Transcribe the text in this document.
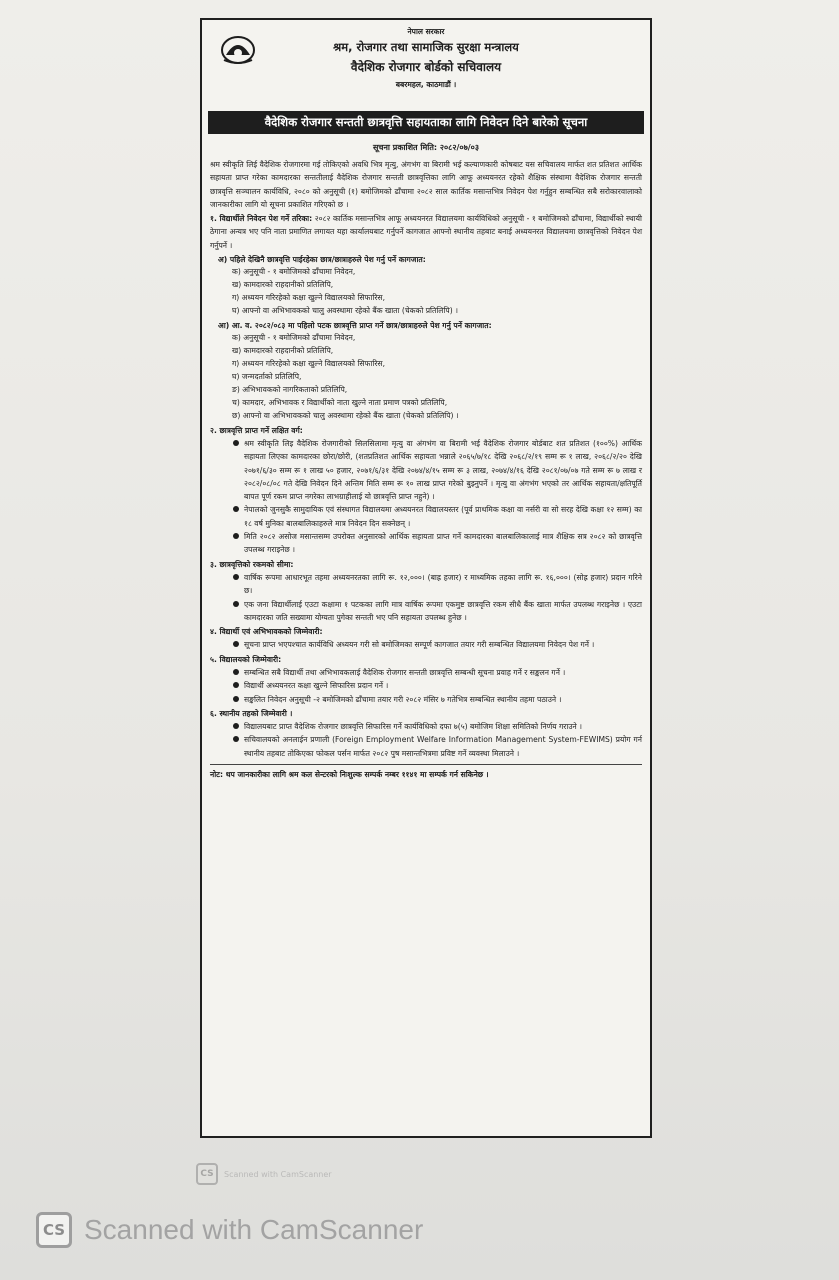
नेपाल सरकार
श्रम, रोजगार तथा सामाजिक सुरक्षा मन्त्रालय
वैदेशिक रोजगार बोर्डको सचिवालय
बबरमहल, काठमाडौं ।
वैदेशिक रोजगार सन्तती छात्रवृत्ति सहायताका लागि निवेदन दिने बारेको सूचना
सूचना प्रकाशित मिति: २०८२/०७/०३

श्रम स्वीकृति लिई वैदेशिक रोजगारमा गई तोकिएको अवधि भित्र मृत्यु, अंगभंग वा बिरामी भई कल्याणकारी कोषबाट यस सचिवालय मार्फत शत प्रतिशत आर्थिक सहायता प्राप्त गरेका कामदारका सन्ततीलाई वैदेशिक रोजगार सन्तती छात्रवृत्तिका लागि आफू अध्ययनरत रहेको शैक्षिक संस्थामा वैदेशिक रोजगार सन्तती छात्रवृत्ति सञ्चालन कार्यविधि, २०८० को अनुसूची (१) बमोजिमको ढाँचामा २०८२ साल कार्तिक मसान्तभित्र निवेदन पेश गर्नुहुन सम्बन्धित सबै सरोकारवालाको जानकारीका लागि यो सूचना प्रकाशित गरिएको छ ।

१. विद्यार्थीले निवेदन पेश गर्ने तरिका: २०८२ कार्तिक मसान्तभित्र आफू अध्ययनरत विद्यालयमा कार्यविधिको अनुसूची - १ बमोजिमको ढाँचामा, विद्यार्थीको स्थायी ठेगाना अन्यत्र भए पनि नाता प्रमाणित लगायत यहा कार्यालयबाट गर्नुपर्ने कागजात आफ्नो स्थानीय तहबाट बनाई अध्ययनरत विद्यालयमा छात्रवृत्तिको निवेदन पेश गर्नुपर्ने ।
अ) पहिले देखिनै छात्रवृत्ति पाईरहेका छात्र/छात्राहरुले पेश गर्नु पर्ने कागजात:
क) अनुसूची - १ बमोजिमको ढाँचामा निवेदन,
ख) कामदारको राहदानीको प्रतिलिपि,
ग) अध्ययन गरिरहेको कक्षा खुल्ने विद्यालयको सिफारिस,
घ) आफ्नो वा अभिभावकको चालु अवस्थामा रहेको बैंक खाता (चेकको प्रतिलिपि) ।
आ) आ. व. २०८२/०८३ मा पहिलो पटक छात्रवृत्ति प्राप्त गर्ने छात्र/छात्राहरुले पेश गर्नु पर्ने कागजात:
क) अनुसूची - १ बमोजिमको ढाँचामा निवेदन,
ख) कामदारको राहदानीको प्रतिलिपि,
ग) अध्ययन गरिरहेको कक्षा खुल्ने विद्यालयको सिफारिस,
घ) जन्मदर्ताको प्रतिलिपि,
ङ) अभिभावकको नागरिकताको प्रतिलिपि,
च) कामदार, अभिभावक र विद्यार्थीको नाता खुल्ने नाता प्रमाण पत्रको प्रतिलिपि,
छ) आफ्नो वा अभिभावकको चालु अवस्थामा रहेको बैंक खाता (चेकको प्रतिलिपि) ।
२. छात्रवृत्ति प्राप्त गर्ने लक्षित वर्ग:
श्रम स्वीकृति लिइ वैदेशिक रोजगारीको सिलसिलामा मृत्यु वा अंगभंग वा बिरामी भई वैदेशिक रोजगार बोर्डबाट शत प्रतिशत (१००%) आर्थिक सहायता लिएका कामदारका छोरा/छोरी, (शतप्रतिशत आर्थिक सहायता भन्नाले २०६५/७/१८ देखि २०६८/२/१९ सम्म रू १ लाख, २०६८/२/२० देखि २०७१/६/३० सम्म रू १ लाख ५० हजार, २०७१/६/३१ देखि २०७४/४/१५ सम्म रू ३ लाख, २०७४/४/१६ देखि २०८१/०७/०७ गते सम्म रू ७ लाख र २०८२/०८/०८ गते देखि निवेदन दिने अन्तिम मिति सम्म रू १० लाख प्राप्त गरेको बुझ्नुपर्ने । मृत्यु वा अंगभंग भएको तर आर्थिक सहायता/क्षतिपूर्ति बापत पूर्ण रकम प्राप्त नगरेका लाभग्राहीलाई यो छात्रवृत्ति प्राप्त नहुने) ।
नेपालको जुनसुकै सामुदायिक एवं संस्थागत विद्यालयमा अध्ययनरत विद्यालयस्तर (पूर्व प्राथमिक कक्षा वा नर्सरी वा सो सरह देखि कक्षा १२ सम्म) का १८ वर्ष मुनिका बालबालिकाहरुले मात्र निवेदन दिन सक्नेछन् ।
मिति २०८२ असोज मसान्तसम्म उपरोक्त अनुसारको आर्थिक सहायता प्राप्त गर्ने कामदारका बालबालिकालाई मात्र शैक्षिक सत्र २०८२ को छात्रवृत्ति उपलब्ध गराइनेछ ।
३. छात्रवृत्तिको रकमको सीमा:
वार्षिक रूपमा आधारभूत तहमा अध्ययनरतका लागि रू. १२,०००। (बाह्र हजार) र माध्यमिक तहका लागि रू. १६,०००। (सोह्र हजार) प्रदान गरिने छ।
एक जना विद्यार्थीलाई एउटा कक्षामा १ पटकका लागि मात्र वार्षिक रूपमा एकमुष्ट छात्रवृत्ति रकम सीधै बैंक खाता मार्फत उपलब्ध गराइनेछ । एउटा कामदारका जति सख्यामा योग्यता पुगेका सन्तती भए पनि सहायता उपलब्ध हुनेछ ।
४. विद्यार्थी एवं अभिभावकको जिम्मेवारी:
सूचना प्राप्त भएपश्चात कार्यविधि अध्ययन गरी सो बमोजिमका सम्पूर्ण कागजात तयार गरी सम्बन्धित विद्यालयमा निवेदन पेश गर्ने ।
५. विद्यालयको जिम्मेवारी:
सम्बन्धित सबै विद्यार्थी तथा अभिभावकलाई वैदेशिक रोजगार सन्तती छात्रवृत्ति सम्बन्धी सूचना प्रवाह गर्ने र सङ्कलन गर्ने ।
विद्यार्थी अध्ययनरत कक्षा खुल्ने सिफारिस प्रदान गर्ने ।
सङ्कलित निवेदन अनुसूची -२ बमोजिमको ढाँचामा तयार गरी २०८२ मंसिर ७ गतेभित्र सम्बन्धित स्थानीय तहमा पठाउने ।
६. स्थानीय तहको जिम्मेवारी ।
विद्यालयबाट प्राप्त वैदेशिक रोजगार छात्रवृत्ति सिफारिस गर्ने कार्यविधिको दफा ७(५) बमोजिम शिक्षा समितिको निर्णय गराउने ।
सचिवालयको अनलाईन प्रणाली (Foreign Employment Welfare Information Management System-FEWIMS) प्रयोग गर्न स्थानीय तहबाट तोकिएका फोकल पर्सन मार्फत २०८२ पुष मसान्तभित्रमा प्रविष्ट गर्ने व्यवस्था मिलाउने ।
नोट: थप जानकारीका लागि श्रम कल सेन्टरको निःशुल्क सम्पर्क नम्बर ११४१ मा सम्पर्क गर्न सकिनेछ ।
CS	Scanned with CamScanner
CS Scanned with CamScanner
